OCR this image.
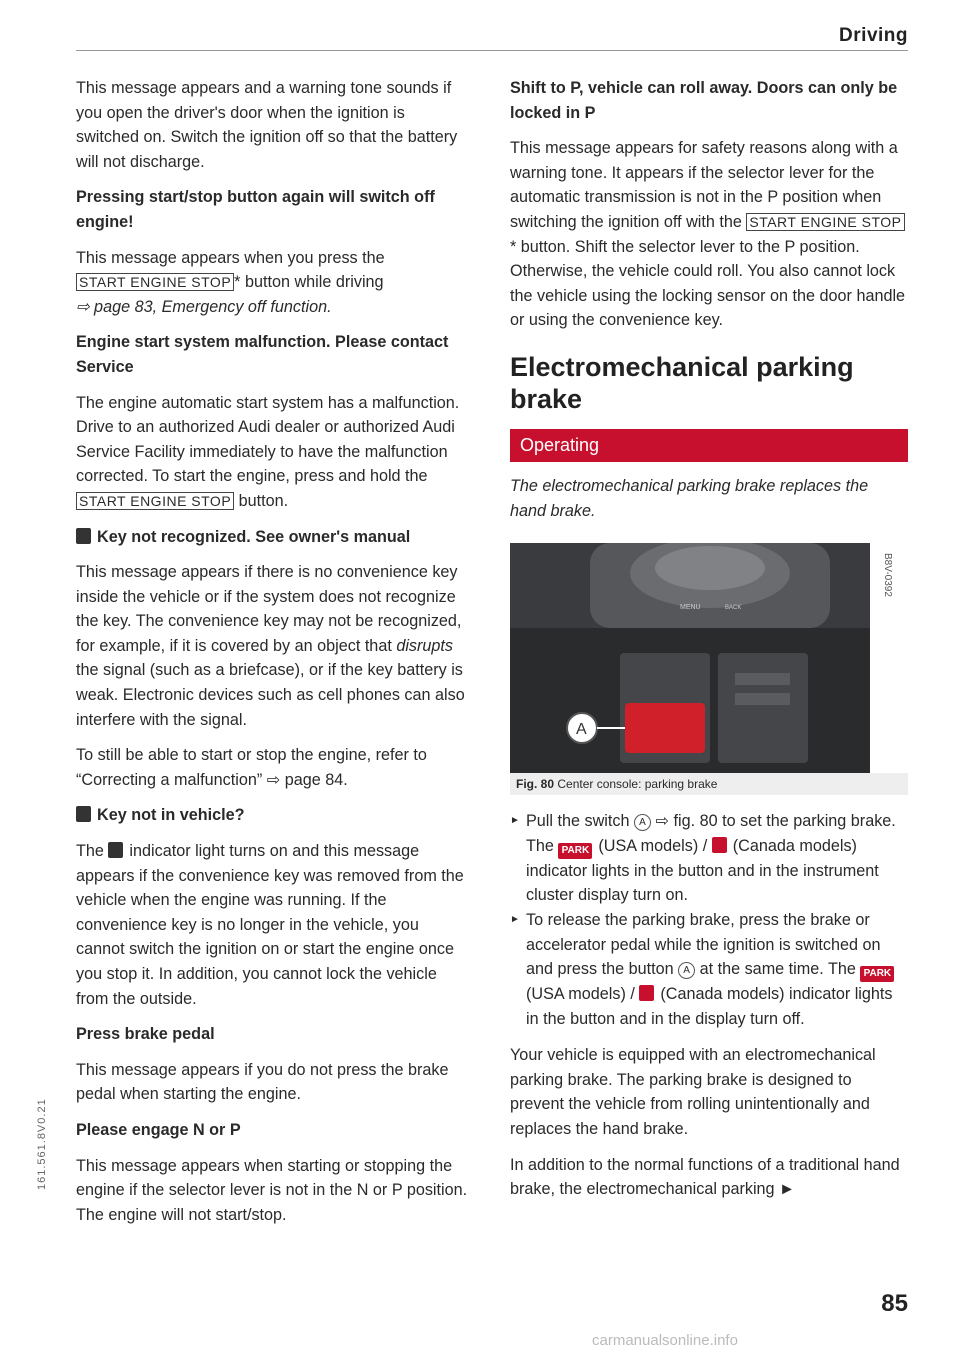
Driving

This message appears and a warning tone sounds if you open the driver's door when the ignition is switched on. Switch the ignition off so that the battery will not discharge.

Pressing start/stop button again will switch off engine!

This message appears when you press the START ENGINE STOP * button while driving
⇨ page 83, Emergency off function.

Engine start system malfunction. Please contact Service

The engine automatic start system has a malfunction. Drive to an authorized Audi dealer or authorized Audi Service Facility immediately to have the malfunction corrected. To start the engine, press and hold the START ENGINE STOP button.

Key not recognized. See owner's manual

This message appears if there is no convenience key inside the vehicle or if the system does not recognize the key. The convenience key may not be recognized, for example, if it is covered by an object that disrupts the signal (such as a briefcase), or if the key battery is weak. Electronic devices such as cell phones can also interfere with the signal.

To still be able to start or stop the engine, refer to “Correcting a malfunction” ⇨ page 84.

Key not in vehicle?

The indicator light turns on and this message appears if the convenience key was removed from the vehicle when the engine was running. If the convenience key is no longer in the vehicle, you cannot switch the ignition on or start the engine once you stop it. In addition, you cannot lock the vehicle from the outside.

Press brake pedal

This message appears if you do not press the brake pedal when starting the engine.

Please engage N or P

This message appears when starting or stopping the engine if the selector lever is not in the N or P position. The engine will not start/stop.

Shift to P, vehicle can roll away. Doors can only be locked in P

This message appears for safety reasons along with a warning tone. It appears if the selector lever for the automatic transmission is not in the P position when switching the ignition off with the START ENGINE STOP* button. Shift the selector lever to the P position. Otherwise, the vehicle could roll. You also cannot lock the vehicle using the locking sensor on the door handle or using the convenience key.

Electromechanical parking brake
Operating

The electromechanical parking brake replaces the hand brake.

MENU	BACK
A
B8V-0392
Fig. 80 Center console: parking brake
► Pull the switch A ⇨ fig. 80 to set the parking brake. The PARK (USA models) / (Canada models) indicator lights in the button and in the instrument cluster display turn on.
► To release the parking brake, press the brake or accelerator pedal while the ignition is switched on and press the button A at the same time. The PARK(USA models) / (Canada models) indicator lights in the button and in the display turn off.

Your vehicle is equipped with an electromechanical parking brake. The parking brake is designed to prevent the vehicle from rolling unintentionally and replaces the hand brake.

In addition to the normal functions of a traditional hand brake, the electromechanical parking ►

85
161.561.8V0.21
carmanualsonline.info
